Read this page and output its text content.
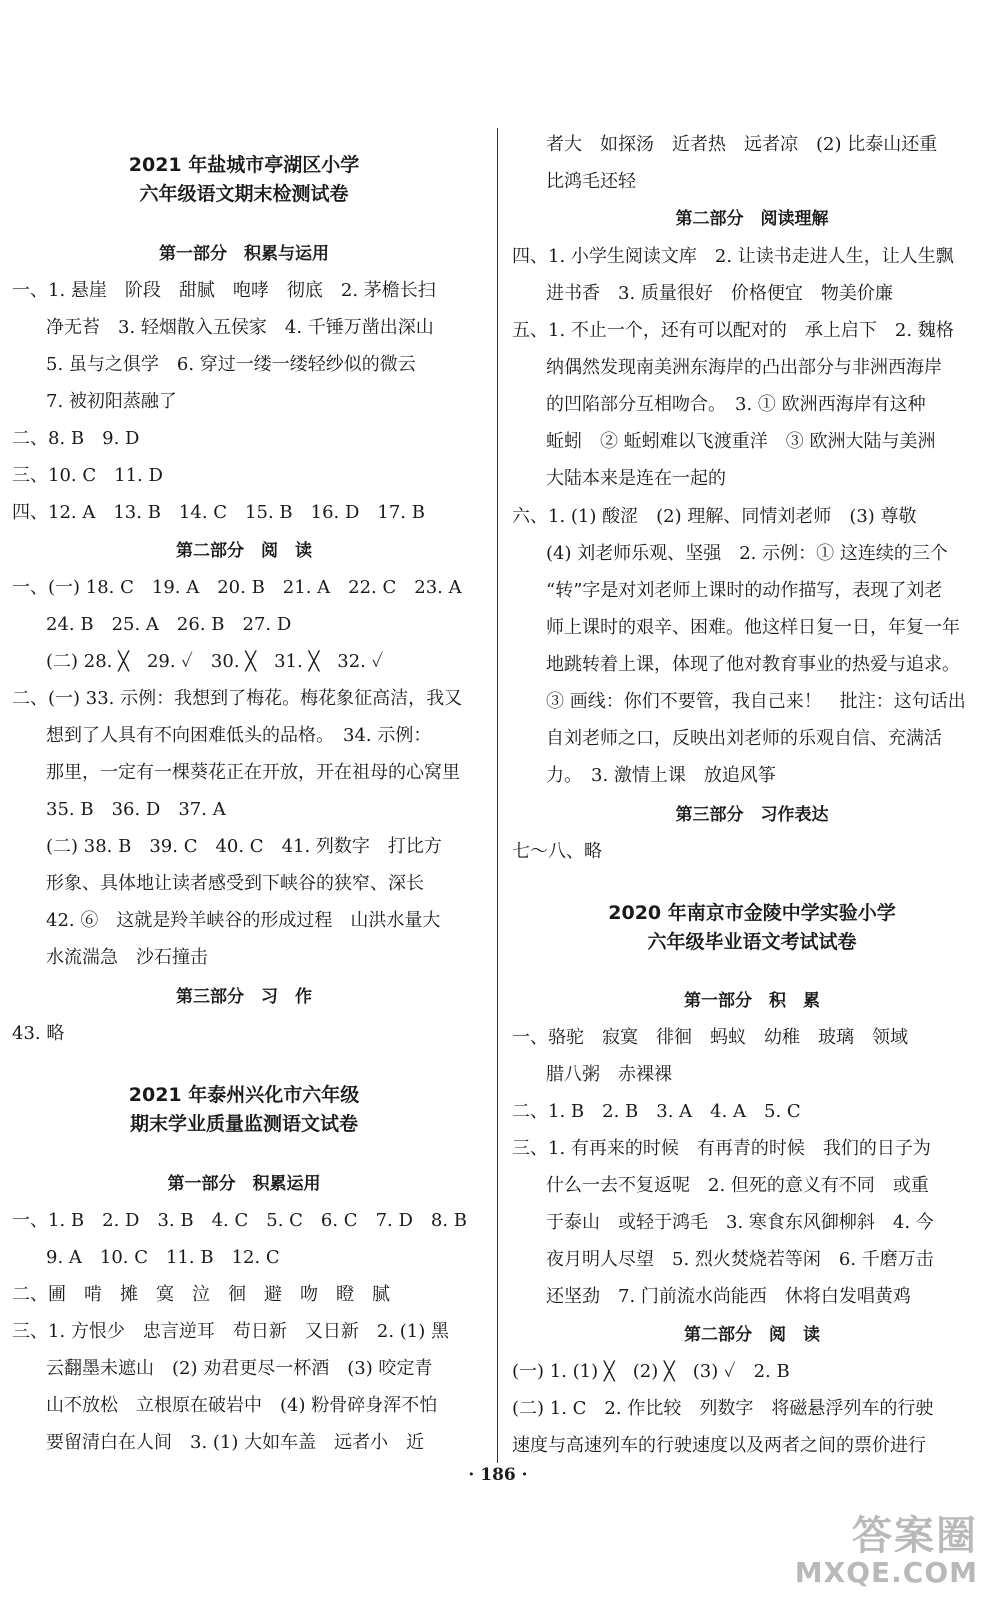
2021 年盐城市亭湖区小学
六年级语文期末检测试卷
第一部分　积累与运用
一、1. 悬崖　阶段　甜腻　咆哮　彻底　2. 茅檐长扫
净无苔　3. 轻烟散入五侯家　4. 千锤万凿出深山
5. 虽与之俱学　6. 穿过一缕一缕轻纱似的微云
7. 被初阳蒸融了
二、8. B　9. D
三、10. C　11. D
四、12. A　13. B　14. C　15. B　16. D　17. B
第二部分　阅　读
一、(一) 18. C　19. A　20. B　21. A　22. C　23. A
24. B　25. A　26. B　27. D
(二) 28. ╳　29. ✓　30. ╳　31. ╳　32. ✓
二、(一) 33. 示例：我想到了梅花。梅花象征高洁，我又
想到了人具有不向困难低头的品格。　34. 示例：
那里，一定有一棵葵花正在开放，开在祖母的心窝里
35. B　36. D　37. A
(二) 38. B　39. C　40. C　41. 列数字　打比方
形象、具体地让读者感受到下峡谷的狭窄、深长
42. ⑥　这就是羚羊峡谷的形成过程　山洪水量大
水流湍急　沙石撞击
第三部分　习　作
43. 略
2021 年泰州兴化市六年级
期末学业质量监测语文试卷
第一部分　积累运用
一、1. B　2. D　3. B　4. C　5. C　6. C　7. D　8. B
9. A　10. C　11. B　12. C
二、圃　啃　摊　寞　泣　徊　避　吻　瞪　腻
三、1. 方恨少　忠言逆耳　苟日新　又日新　2. (1) 黑
云翻墨未遮山　(2) 劝君更尽一杯酒　(3) 咬定青
山不放松　立根原在破岩中　(4) 粉骨碎身浑不怕
要留清白在人间　3. (1) 大如车盖　远者小　近
者大　如探汤　近者热　远者凉　(2) 比泰山还重
比鸿毛还轻
第二部分　阅读理解
四、1. 小学生阅读文库　2. 让读书走进人生，让人生飘
进书香　3. 质量很好　价格便宜　物美价廉
五、1. 不止一个，还有可以配对的　承上启下　2. 魏格
纳偶然发现南美洲东海岸的凸出部分与非洲西海岸
的凹陷部分互相吻合。　3. ① 欧洲西海岸有这种
蚯蚓　② 蚯蚓难以飞渡重洋　③ 欧洲大陆与美洲
大陆本来是连在一起的
六、1. (1) 酸涩　(2) 理解、同情刘老师　(3) 尊敬
(4) 刘老师乐观、坚强　2. 示例：① 这连续的三个
“转”字是对刘老师上课时的动作描写，表现了刘老
师上课时的艰辛、困难。他这样日复一日，年复一年
地跳转着上课，体现了他对教育事业的热爱与追求。
③ 画线：你们不要管，我自己来！　批注：这句话出
自刘老师之口，反映出刘老师的乐观自信、充满活
力。　3. 激情上课　放追风筝
第三部分　习作表达
七～八、略
2020 年南京市金陵中学实验小学
六年级毕业语文考试试卷
第一部分　积　累
一、骆驼　寂寞　徘徊　蚂蚁　幼稚　玻璃　领域
腊八粥　赤裸裸
二、1. B　2. B　3. A　4. A　5. C
三、1. 有再来的时候　有再青的时候　我们的日子为
什么一去不复返呢　2. 但死的意义有不同　或重
于泰山　或轻于鸿毛　3. 寒食东风御柳斜　4. 今
夜月明人尽望　5. 烈火焚烧若等闲　6. 千磨万击
还坚劲　7. 门前流水尚能西　休将白发唱黄鸡
第二部分　阅　读
(一) 1. (1) ╳　(2) ╳　(3) ✓　2. B
(二) 1. C　2. 作比较　列数字　将磁悬浮列车的行驶
速度与高速列车的行驶速度以及两者之间的票价进行
· 186 ·
答案圈
MXQE.COM
